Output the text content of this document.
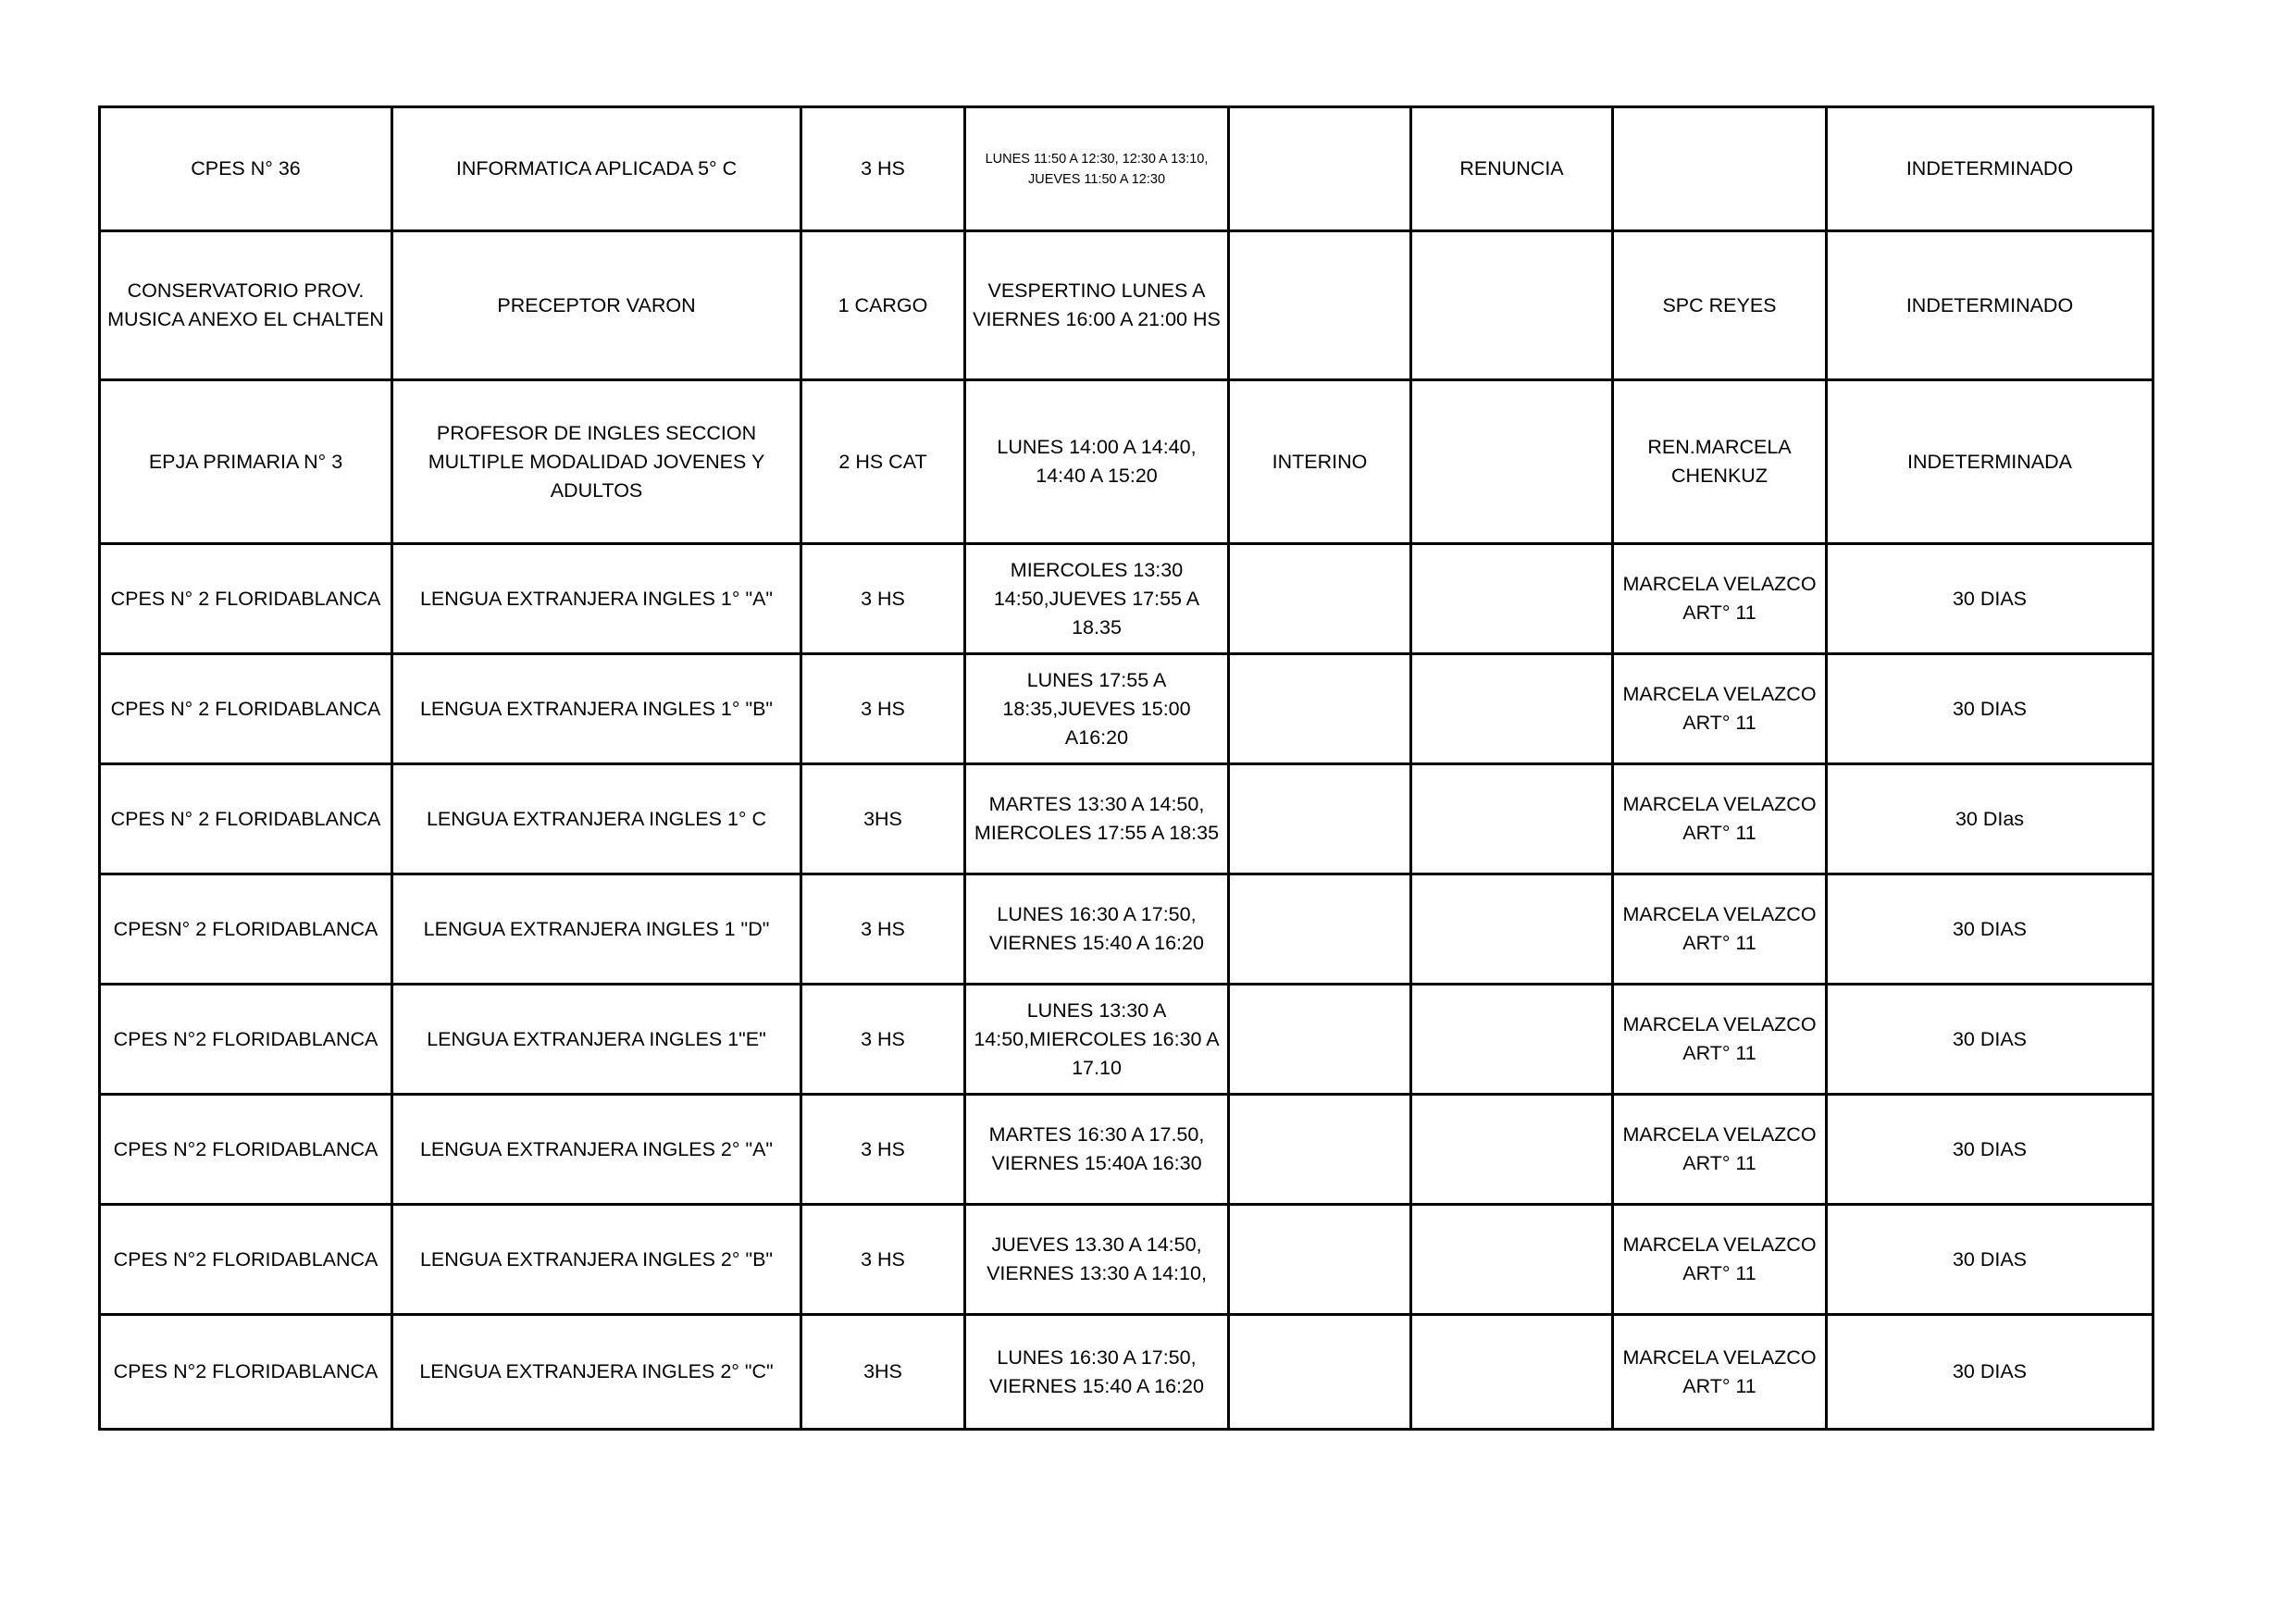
CPES N° 36	INFORMATICA APLICADA 5° C	3 HS	LUNES 11:50 A 12:30, 12:30 A 13:10, JUEVES 11:50 A 12:30		RENUNCIA		INDETERMINADO
CONSERVATORIO PROV. MUSICA ANEXO EL CHALTEN	PRECEPTOR VARON	1 CARGO	VESPERTINO LUNES A VIERNES 16:00 A 21:00 HS			SPC REYES	INDETERMINADO
EPJA PRIMARIA N° 3	PROFESOR DE INGLES SECCION MULTIPLE MODALIDAD JOVENES Y ADULTOS	2 HS CAT	LUNES 14:00 A 14:40, 14:40 A 15:20	INTERINO		REN.MARCELA CHENKUZ	INDETERMINADA
CPES N° 2 FLORIDABLANCA	LENGUA EXTRANJERA INGLES 1° "A"	3 HS	MIERCOLES 13:30 14:50,JUEVES 17:55 A 18.35			MARCELA VELAZCO ART° 11	30 DIAS
CPES N° 2 FLORIDABLANCA	LENGUA EXTRANJERA INGLES 1° "B"	3 HS	LUNES 17:55 A 18:35,JUEVES 15:00 A16:20			MARCELA VELAZCO ART° 11	30 DIAS
CPES N° 2 FLORIDABLANCA	LENGUA EXTRANJERA INGLES 1° C	3HS	MARTES 13:30 A 14:50, MIERCOLES 17:55 A 18:35			MARCELA VELAZCO ART° 11	30 DIas
CPESN° 2 FLORIDABLANCA	LENGUA EXTRANJERA INGLES 1 "D"	3 HS	LUNES 16:30 A 17:50, VIERNES 15:40 A 16:20			MARCELA VELAZCO ART° 11	30 DIAS
CPES N°2 FLORIDABLANCA	LENGUA EXTRANJERA INGLES 1"E"	3 HS	LUNES 13:30 A 14:50,MIERCOLES 16:30 A 17.10			MARCELA VELAZCO ART° 11	30 DIAS
CPES N°2 FLORIDABLANCA	LENGUA EXTRANJERA INGLES 2° "A"	3 HS	MARTES 16:30 A 17.50, VIERNES 15:40A 16:30			MARCELA VELAZCO ART° 11	30 DIAS
CPES N°2 FLORIDABLANCA	LENGUA EXTRANJERA INGLES 2° "B"	3 HS	JUEVES 13.30 A 14:50, VIERNES 13:30 A 14:10,			MARCELA VELAZCO ART° 11	30 DIAS
CPES N°2 FLORIDABLANCA	LENGUA EXTRANJERA INGLES 2° "C"	3HS	LUNES 16:30 A 17:50, VIERNES 15:40 A 16:20			MARCELA VELAZCO ART° 11	30 DIAS
